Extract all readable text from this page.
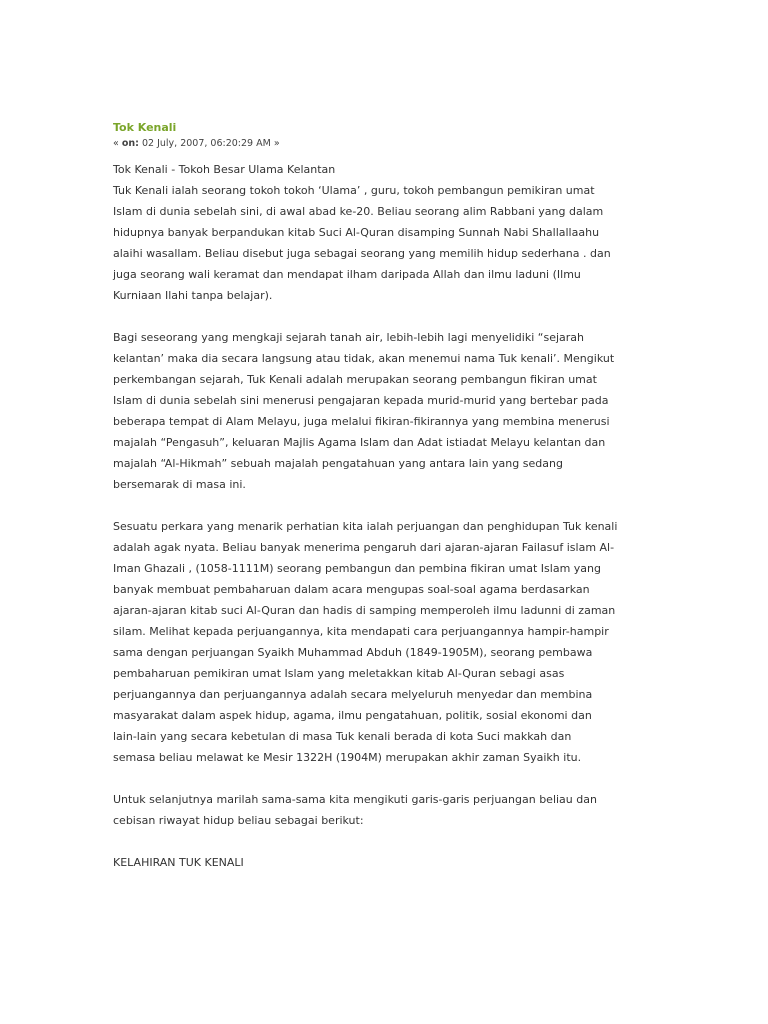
Tok Kenali
« on: 02 July, 2007, 06:20:29 AM »

Tok Kenali - Tokoh Besar Ulama Kelantan
Tuk Kenali ialah seorang tokoh tokoh ‘Ulama’ , guru, tokoh pembangun pemikiran umat
Islam di dunia sebelah sini, di awal abad ke-20. Beliau seorang alim Rabbani yang dalam
hidupnya banyak berpandukan kitab Suci Al-Quran disamping Sunnah Nabi Shallallaahu
alaihi wasallam. Beliau disebut juga sebagai seorang yang memilih hidup sederhana . dan
juga seorang wali keramat dan mendapat ilham daripada Allah dan ilmu laduni (Ilmu
Kurniaan Ilahi tanpa belajar).

Bagi seseorang yang mengkaji sejarah tanah air, lebih-lebih lagi menyelidiki “sejarah
kelantan’ maka dia secara langsung atau tidak, akan menemui nama Tuk kenali’. Mengikut
perkembangan sejarah, Tuk Kenali adalah merupakan seorang pembangun fikiran umat
Islam di dunia sebelah sini menerusi pengajaran kepada murid-murid yang bertebar pada
beberapa tempat di Alam Melayu, juga melalui fikiran-fikirannya yang membina menerusi
majalah “Pengasuh”, keluaran Majlis Agama Islam dan Adat istiadat Melayu kelantan dan
majalah “Al-Hikmah” sebuah majalah pengatahuan yang antara lain yang sedang
bersemarak di masa ini.

Sesuatu perkara yang menarik perhatian kita ialah perjuangan dan penghidupan Tuk kenali
adalah agak nyata. Beliau banyak menerima pengaruh dari ajaran-ajaran Failasuf islam Al-
Iman Ghazali , (1058-1111M) seorang pembangun dan pembina fikiran umat Islam yang
banyak membuat pembaharuan dalam acara mengupas soal-soal agama berdasarkan
ajaran-ajaran kitab suci Al-Quran dan hadis di samping memperoleh ilmu ladunni di zaman
silam. Melihat kepada perjuangannya, kita mendapati cara perjuangannya hampir-hampir
sama dengan perjuangan Syaikh Muhammad Abduh (1849-1905M), seorang pembawa
pembaharuan pemikiran umat Islam yang meletakkan kitab Al-Quran sebagi asas
perjuangannya dan perjuangannya adalah secara melyeluruh menyedar dan membina
masyarakat dalam aspek hidup, agama, ilmu pengatahuan, politik, sosial ekonomi dan
lain-lain yang secara kebetulan di masa Tuk kenali berada di kota Suci makkah dan
semasa beliau melawat ke Mesir 1322H (1904M) merupakan akhir zaman Syaikh itu.

Untuk selanjutnya marilah sama-sama kita mengikuti garis-garis perjuangan beliau dan
cebisan riwayat hidup beliau sebagai berikut:

KELAHIRAN TUK KENALI
